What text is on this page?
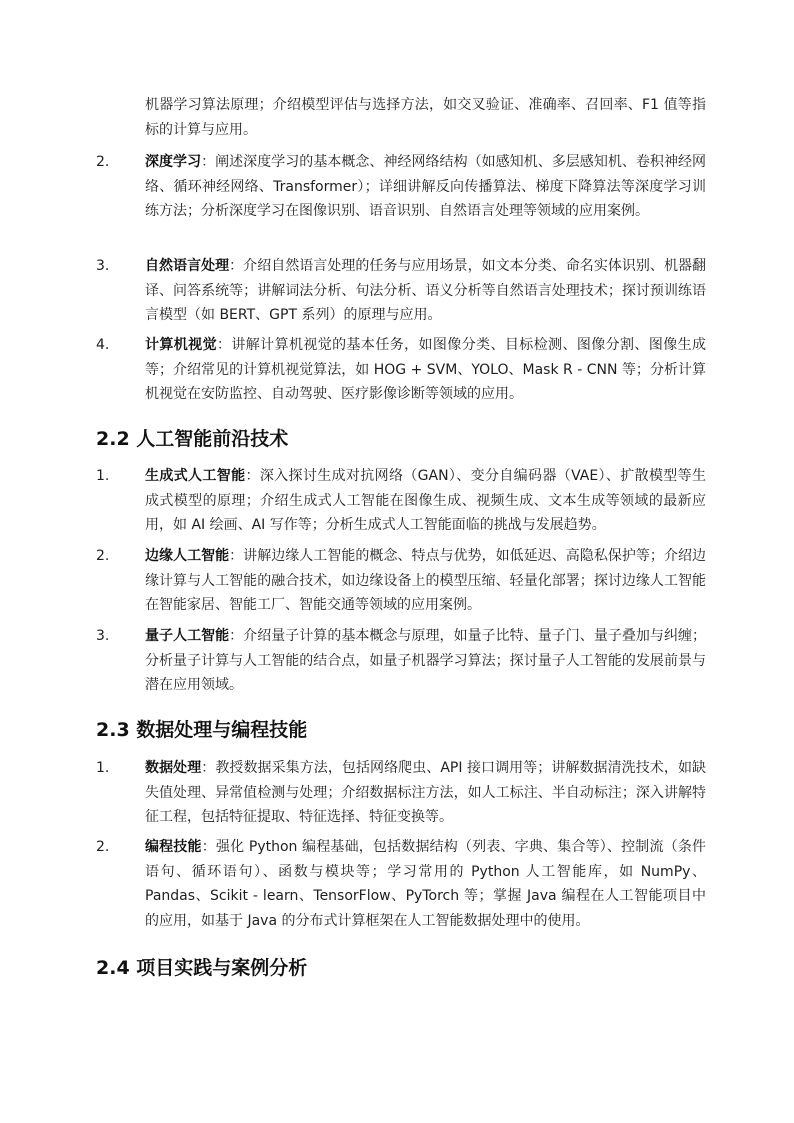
机器学习算法原理；介绍模型评估与选择方法，如交叉验证、准确率、召回率、F1 值等指标的计算与应用。
2.	深度学习：阐述深度学习的基本概念、神经网络结构（如感知机、多层感知机、卷积神经网络、循环神经网络、Transformer）；详细讲解反向传播算法、梯度下降算法等深度学习训练方法；分析深度学习在图像识别、语音识别、自然语言处理等领域的应用案例。
3.	自然语言处理：介绍自然语言处理的任务与应用场景，如文本分类、命名实体识别、机器翻译、问答系统等；讲解词法分析、句法分析、语义分析等自然语言处理技术；探讨预训练语言模型（如 BERT、GPT 系列）的原理与应用。
4.	计算机视觉：讲解计算机视觉的基本任务，如图像分类、目标检测、图像分割、图像生成等；介绍常见的计算机视觉算法，如 HOG + SVM、YOLO、Mask R - CNN 等；分析计算机视觉在安防监控、自动驾驶、医疗影像诊断等领域的应用。
2.2 人工智能前沿技术
1.	生成式人工智能：深入探讨生成对抗网络（GAN）、变分自编码器（VAE）、扩散模型等生成式模型的原理；介绍生成式人工智能在图像生成、视频生成、文本生成等领域的最新应用，如 AI 绘画、AI 写作等；分析生成式人工智能面临的挑战与发展趋势。
2.	边缘人工智能：讲解边缘人工智能的概念、特点与优势，如低延迟、高隐私保护等；介绍边缘计算与人工智能的融合技术，如边缘设备上的模型压缩、轻量化部署；探讨边缘人工智能在智能家居、智能工厂、智能交通等领域的应用案例。
3.	量子人工智能：介绍量子计算的基本概念与原理，如量子比特、量子门、量子叠加与纠缠；分析量子计算与人工智能的结合点，如量子机器学习算法；探讨量子人工智能的发展前景与潜在应用领域。
2.3 数据处理与编程技能
1.	数据处理：教授数据采集方法，包括网络爬虫、API 接口调用等；讲解数据清洗技术，如缺失值处理、异常值检测与处理；介绍数据标注方法，如人工标注、半自动标注；深入讲解特征工程，包括特征提取、特征选择、特征变换等。
2.	编程技能：强化 Python 编程基础，包括数据结构（列表、字典、集合等）、控制流（条件语句、循环语句）、函数与模块等；学习常用的 Python 人工智能库，如 NumPy、Pandas、Scikit - learn、TensorFlow、PyTorch 等；掌握 Java 编程在人工智能项目中的应用，如基于 Java 的分布式计算框架在人工智能数据处理中的使用。
2.4 项目实践与案例分析
